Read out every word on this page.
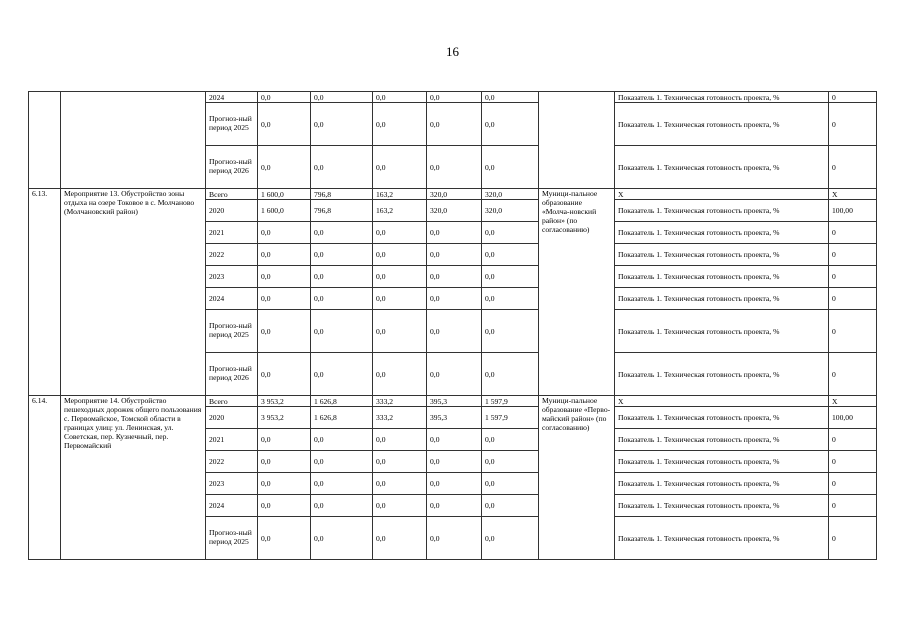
16
		2024	0,0	0,0	0,0	0,0	0,0		Показатель 1. Техническая готовность проекта, %	0
		Прогноз-ный период 2025	0,0	0,0	0,0	0,0	0,0		Показатель 1. Техническая готовность проекта, %	0
		Прогноз-ный период 2026	0,0	0,0	0,0	0,0	0,0		Показатель 1. Техническая готовность проекта, %	0
6.13.	Мероприятие 13. Обустройство зоны отдыха на озере Токовое в с. Молчаново (Молчановский район)	Всего	1 600,0	796,8	163,2	320,0	320,0	Муници-пальное образование «Молча-новский район» (по согласованию)	X	X
		2020	1 600,0	796,8	163,2	320,0	320,0		Показатель 1. Техническая готовность проекта, %	100,00
		2021	0,0	0,0	0,0	0,0	0,0		Показатель 1. Техническая готовность проекта, %	0
		2022	0,0	0,0	0,0	0,0	0,0		Показатель 1. Техническая готовность проекта, %	0
		2023	0,0	0,0	0,0	0,0	0,0		Показатель 1. Техническая готовность проекта, %	0
		2024	0,0	0,0	0,0	0,0	0,0		Показатель 1. Техническая готовность проекта, %	0
		Прогноз-ный период 2025	0,0	0,0	0,0	0,0	0,0		Показатель 1. Техническая готовность проекта, %	0
		Прогноз-ный период 2026	0,0	0,0	0,0	0,0	0,0		Показатель 1. Техническая готовность проекта, %	0
6.14.	Мероприятие 14. Обустройство пешеходных дорожек общего пользования с. Первомайское, Томской области в границах улиц: ул. Ленинская, ул. Советская, пер. Кузнечный, пер. Первомайский	Всего	3 953,2	1 626,8	333,2	395,3	1 597,9	Муници-пальное образование «Перво-майский район» (по согласованию)	X	X
		2020	3 953,2	1 626,8	333,2	395,3	1 597,9		Показатель 1. Техническая готовность проекта, %	100,00
		2021	0,0	0,0	0,0	0,0	0,0		Показатель 1. Техническая готовность проекта, %	0
		2022	0,0	0,0	0,0	0,0	0,0		Показатель 1. Техническая готовность проекта, %	0
		2023	0,0	0,0	0,0	0,0	0,0		Показатель 1. Техническая готовность проекта, %	0
		2024	0,0	0,0	0,0	0,0	0,0		Показатель 1. Техническая готовность проекта, %	0
		Прогноз-ный период 2025	0,0	0,0	0,0	0,0	0,0		Показатель 1. Техническая готовность проекта, %	0
